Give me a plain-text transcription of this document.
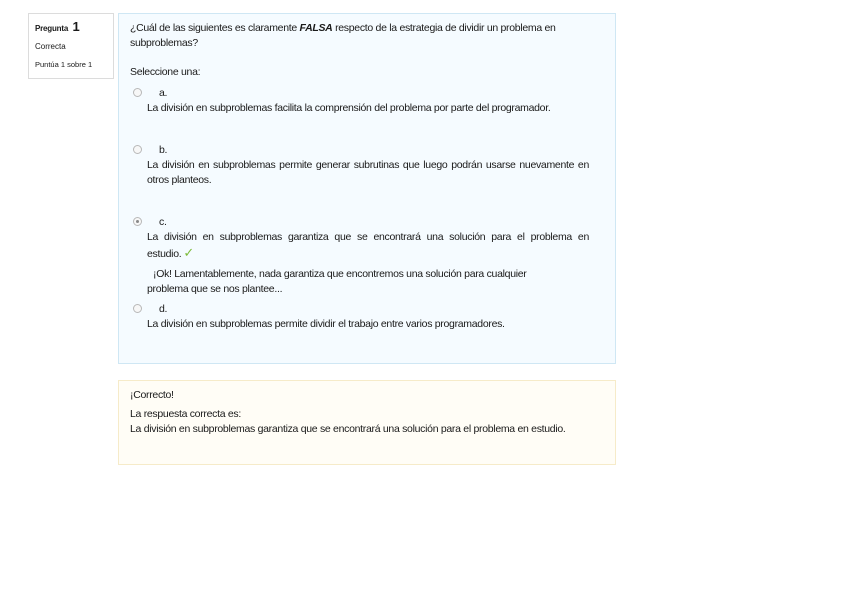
Pregunta 1
Correcta
Puntúa 1 sobre 1

¿Cuál de las siguientes es claramente FALSA respecto de la estrategia de dividir un problema en subproblemas?

Seleccione una:
a.
La división en subproblemas facilita la comprensión del problema por parte del programador.
b.
La división en subproblemas permite generar subrutinas que luego podrán usarse nuevamente en otros planteos.
c.
La división en subproblemas garantiza que se encontrará una solución para el problema en estudio. ✓
¡Ok! Lamentablemente, nada garantiza que encontremos una solución para cualquier
problema que se nos plantee...
d.
La división en subproblemas permite dividir el trabajo entre varios programadores.
¡Correcto!
La respuesta correcta es:
La división en subproblemas garantiza que se encontrará una solución para el problema en estudio.
